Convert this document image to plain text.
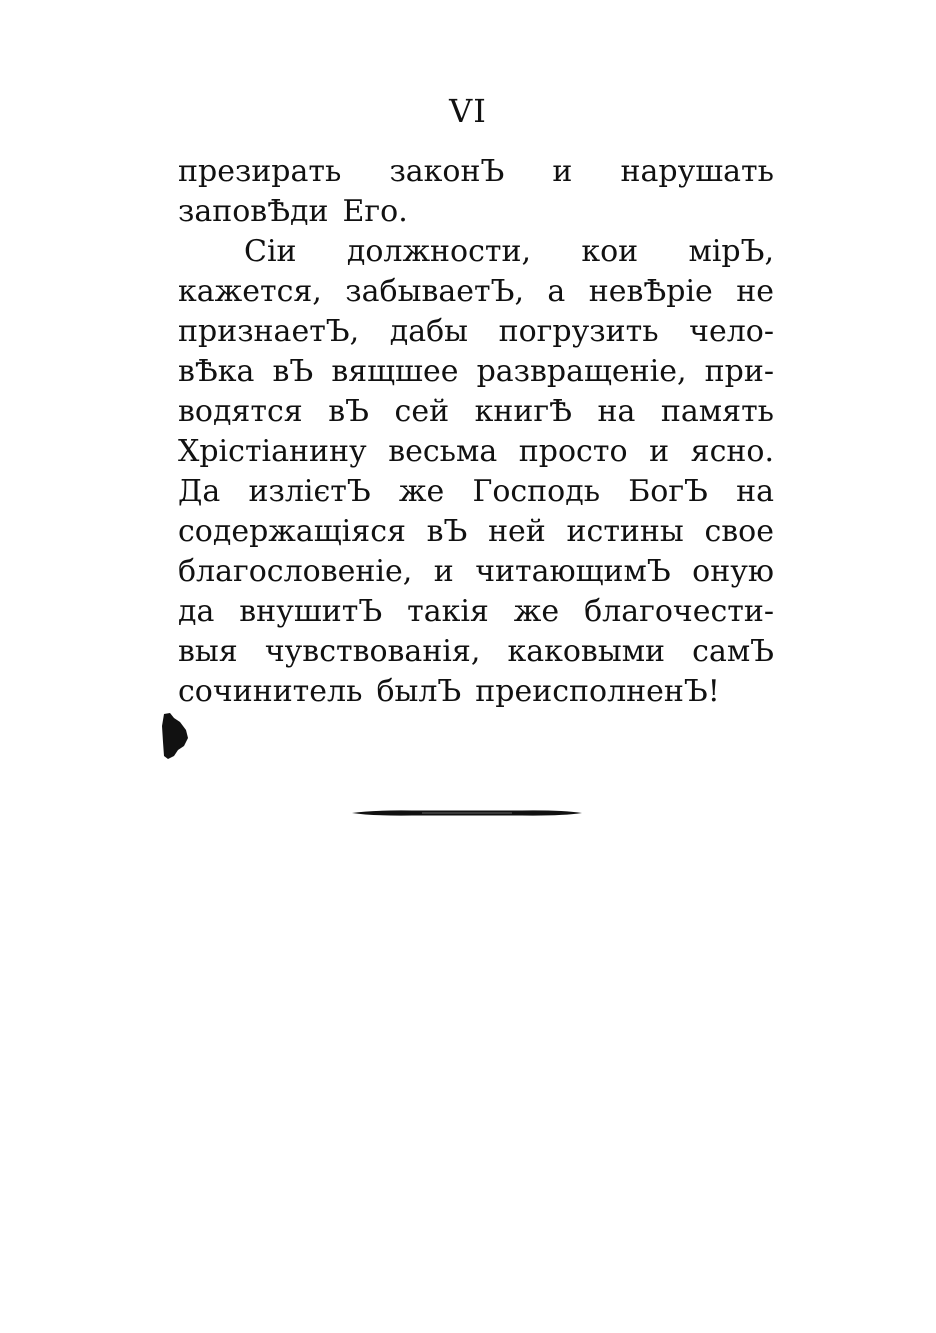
VI
презирать законЪ и нарушать
заповѢди Его.
Сіи должности, кои мірЪ,
кажется, забываетЪ, а невѢріе не
признаетЪ, дабы погрузить чело-
вѢка вЪ вящшее развращеніе, при-
водятся вЪ сей книгѢ на память
Хрістіанину весьма просто и ясно.
Да излієтЪ же Господь БогЪ на
содержащіяся вЪ ней истины свое
благословеніе, и читающимЪ оную
да внушитЪ такія же благочести-
выя чувствованія, каковыми самЪ
сочинитель былЪ преисполненЪ!
